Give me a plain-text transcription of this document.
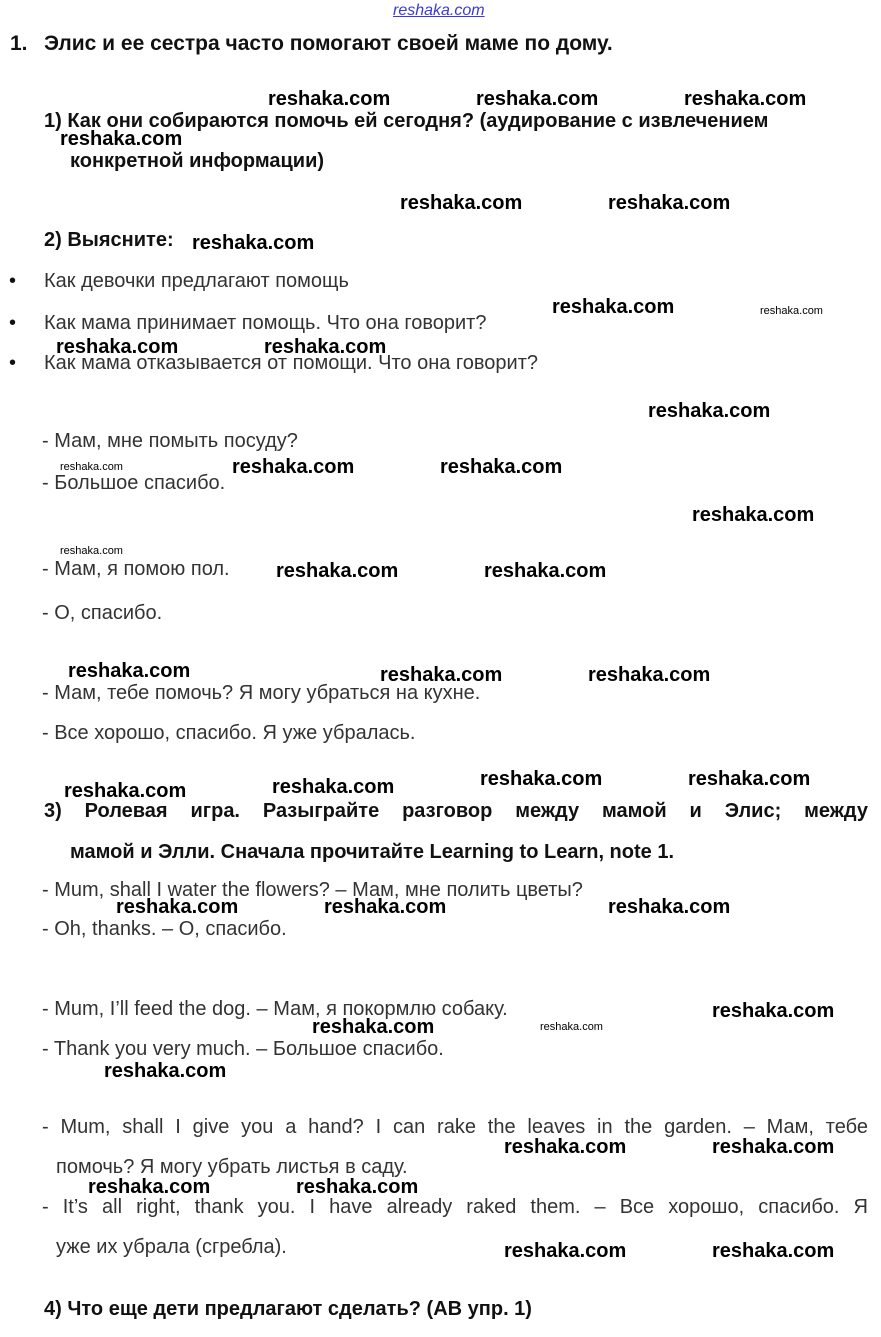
reshaka.com
1. Элис и ее сестра часто помогают своей маме по дому.
1) Как они собираются помочь ей сегодня? (аудирование с извлечением
конкретной информации)
2) Выясните:
• Как девочки предлагают помощь
• Как мама принимает помощь. Что она говорит?
• Как мама отказывается от помощи. Что она говорит?
- Мам, мне помыть посуду?
- Большое спасибо.
- Мам, я помою пол.
- О, спасибо.
- Мам, тебе помочь? Я могу убраться на кухне.
- Все хорошо, спасибо. Я уже убралась.
3) Ролевая игра. Разыграйте разговор между мамой и Элис; между
мамой и Элли. Сначала прочитайте Learning to Learn, note 1.
- Mum, shall I water the flowers? – Мам, мне полить цветы?
- Oh, thanks. – О, спасибо.
- Mum, I’ll feed the dog. – Мам, я покормлю собаку.
- Thank you very much. – Большое спасибо.
- Mum, shall I give you a hand? I can rake the leaves in the garden. – Мам, тебе
помочь? Я могу убрать листья в саду.
- It’s all right, thank you. I have already raked them. – Все хорошо, спасибо. Я
уже их убрала (сгребла).
4) Что еще дети предлагают сделать? (AB упр. 1)
reshaka.com	reshaka.com	reshaka.com
reshaka.com
reshaka.com	reshaka.com
reshaka.com
reshaka.com	reshaka.com
reshaka.com	reshaka.com
reshaka.com
reshaka.com	reshaka.com	reshaka.com
reshaka.com
reshaka.com
reshaka.com	reshaka.com
reshaka.com	reshaka.com	reshaka.com
reshaka.com	reshaka.com
reshaka.com	reshaka.com
reshaka.com	reshaka.com	reshaka.com
reshaka.com
reshaka.com	reshaka.com
reshaka.com
reshaka.com	reshaka.com
reshaka.com	reshaka.com
reshaka.com	reshaka.com
